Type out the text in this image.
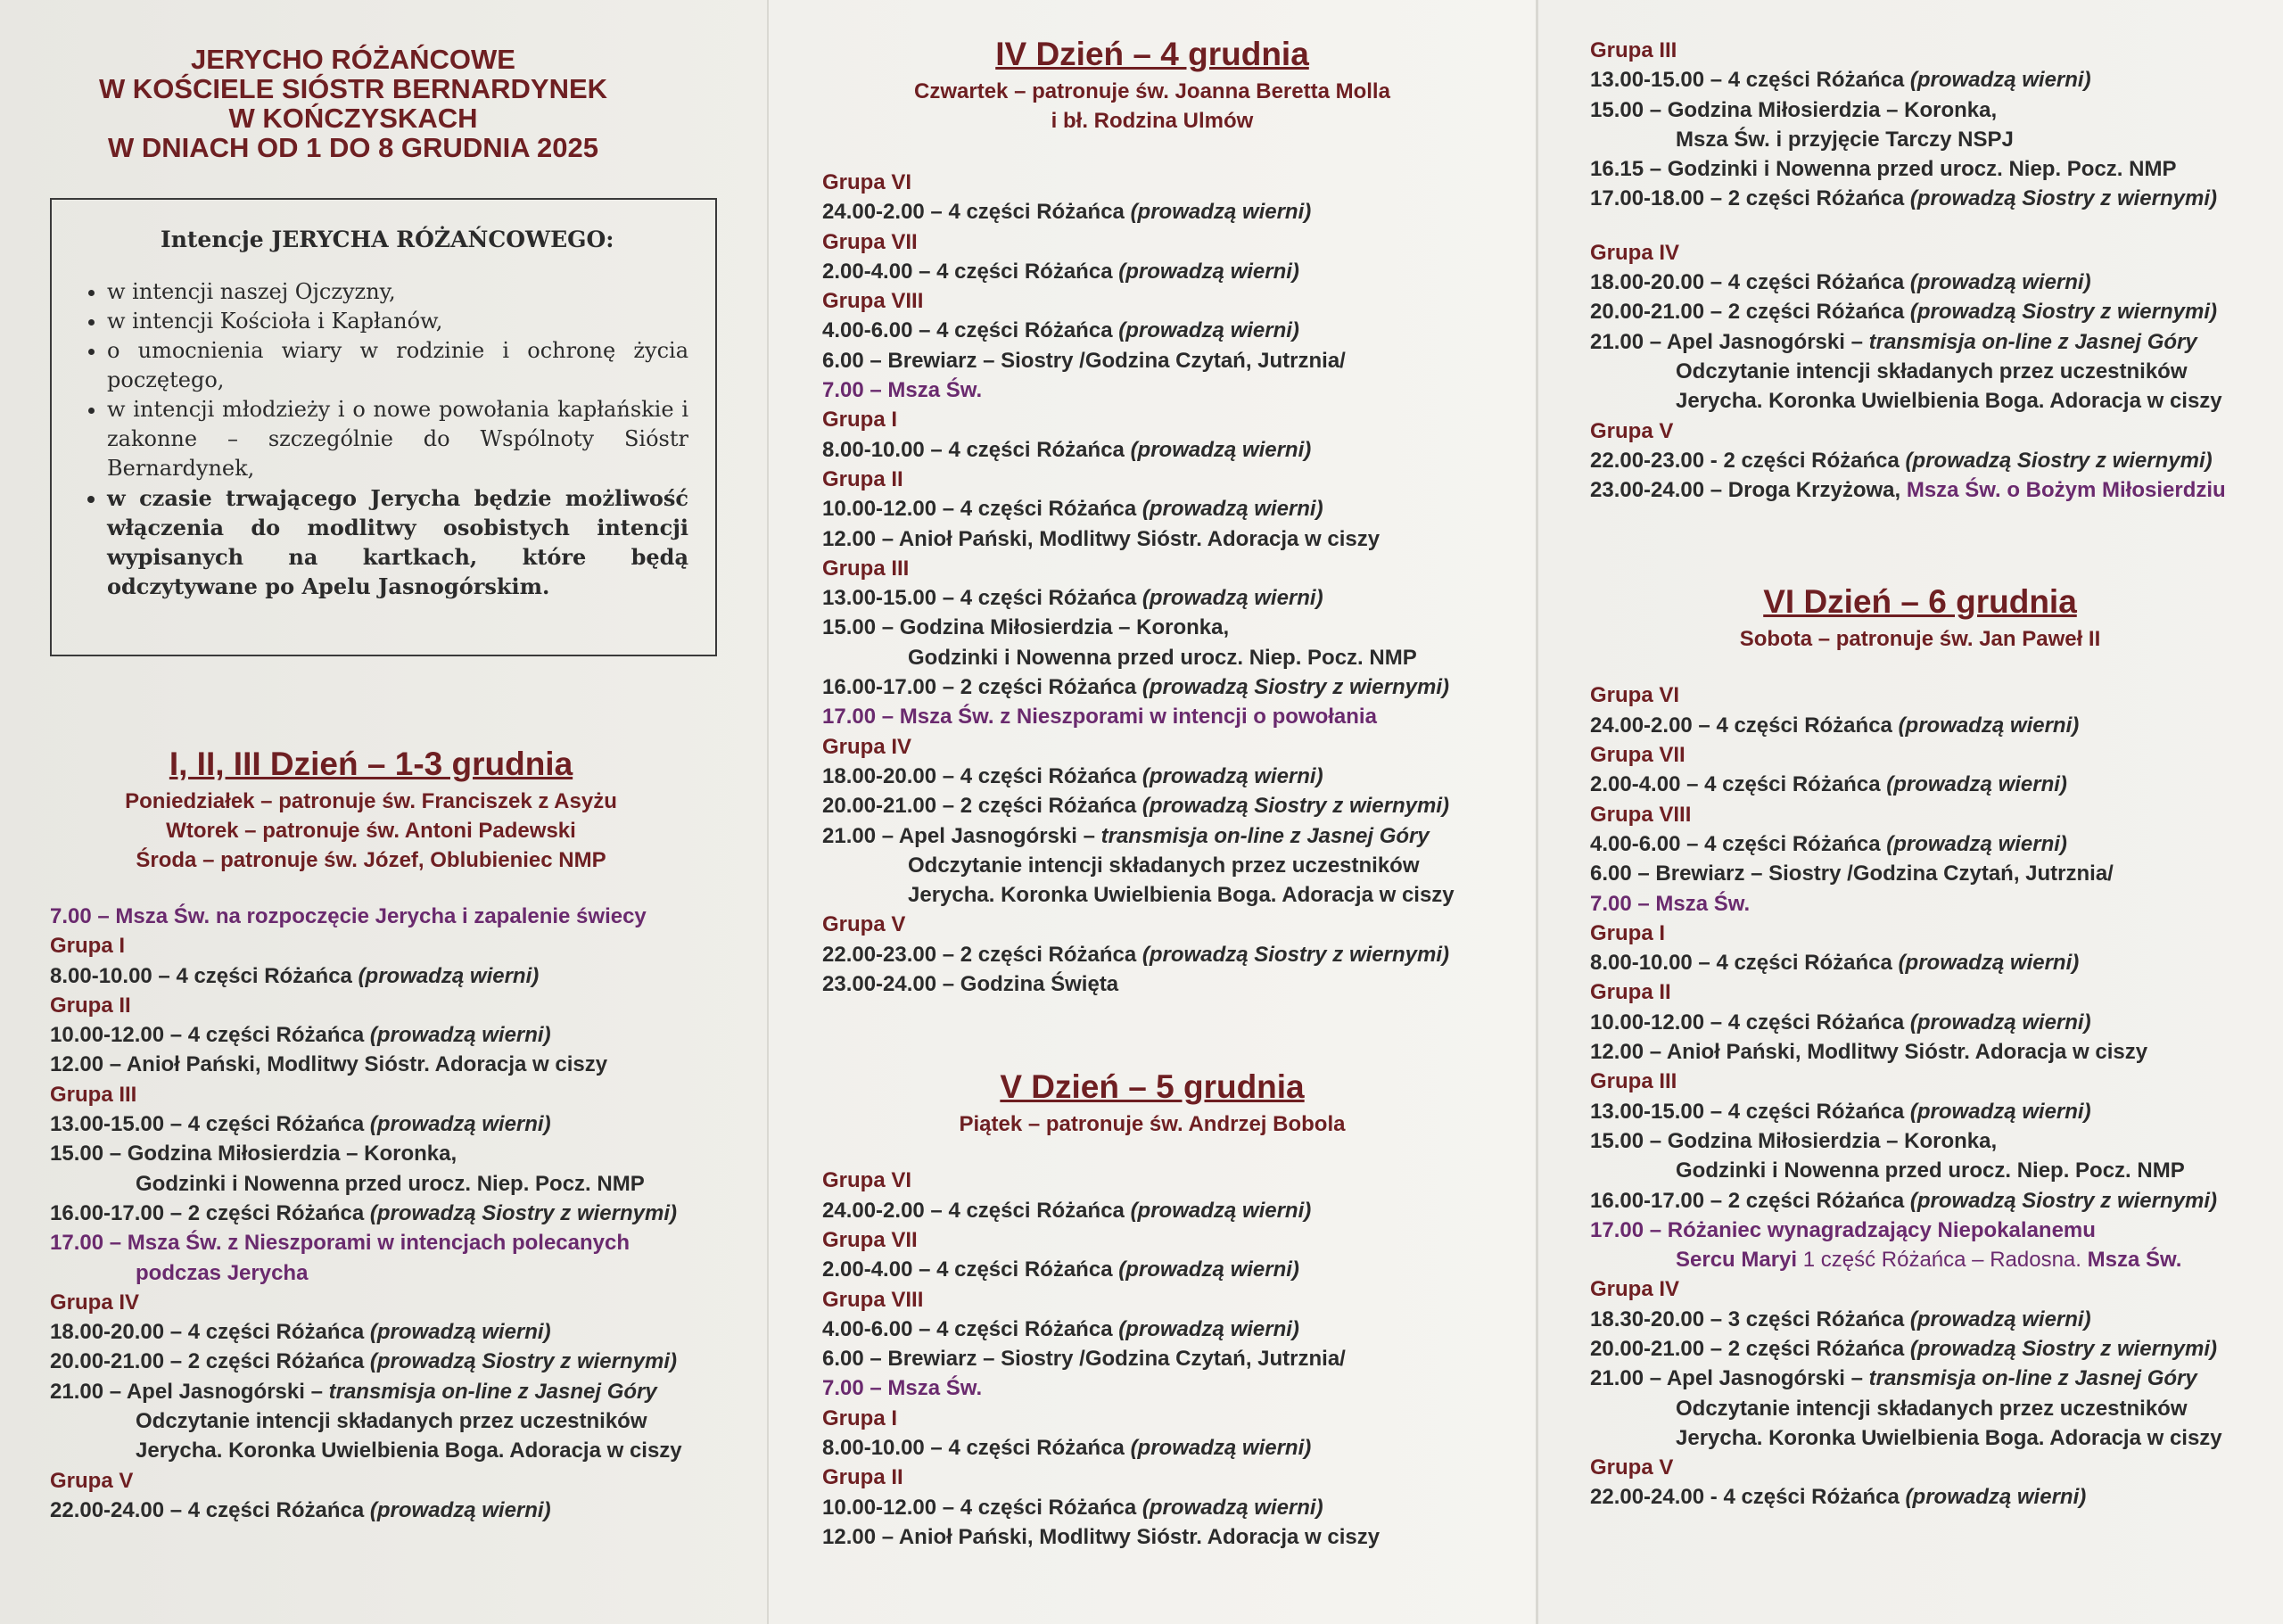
JERYCHO RÓŻAŃCOWE
W KOŚCIELE SIÓSTR BERNARDYNEK
W KOŃCZYSKACH
W DNIACH OD 1 DO 8 GRUDNIA 2025
Intencje JERYCHA RÓŻAŃCOWEGO:
• w intencji naszej Ojczyzny,
• w intencji Kościoła i Kapłanów,
• o umocnienia wiary w rodzinie i ochronę życia poczętego,
• w intencji młodzieży i o nowe powołania kapłańskie i zakonne – szczególnie do Wspólnoty Sióstr Bernardynek,
• w czasie trwającego Jerycha będzie możliwość włączenia do modlitwy osobistych intencji wypisanych na kartkach, które będą odczytywane po Apelu Jasnogórskim.
I, II, III Dzień – 1-3 grudnia
Poniedziałek – patronuje św. Franciszek z Asyżu
Wtorek – patronuje św. Antoni Padewski
Środa – patronuje św. Józef, Oblubieniec NMP
7.00 – Msza Św. na rozpoczęcie Jerycha i zapalenie świecy
Grupa I
8.00-10.00 – 4 części Różańca (prowadzą wierni)
Grupa II
10.00-12.00 – 4 części Różańca (prowadzą wierni)
12.00 – Anioł Pański, Modlitwy Sióstr. Adoracja w ciszy
Grupa III
13.00-15.00 – 4 części Różańca (prowadzą wierni)
15.00 – Godzina Miłosierdzia – Koronka,
Godzinki i Nowenna przed urocz. Niep. Pocz. NMP
16.00-17.00 – 2 części Różańca (prowadzą Siostry z wiernymi)
17.00 – Msza Św. z Nieszporami w intencjach polecanych
podczas Jerycha
Grupa IV
18.00-20.00 – 4 części Różańca (prowadzą wierni)
20.00-21.00 – 2 części Różańca (prowadzą Siostry z wiernymi)
21.00 – Apel Jasnogórski – transmisja on-line z Jasnej Góry
Odczytanie intencji składanych przez uczestników
Jerycha. Koronka Uwielbienia Boga. Adoracja w ciszy
Grupa V
22.00-24.00 – 4 części Różańca (prowadzą wierni)
IV Dzień – 4 grudnia
Czwartek – patronuje św. Joanna Beretta Molla
i bł. Rodzina Ulmów
Grupa VI
24.00-2.00 – 4 części Różańca (prowadzą wierni)
Grupa VII
2.00-4.00 – 4 części Różańca (prowadzą wierni)
Grupa VIII
4.00-6.00 – 4 części Różańca (prowadzą wierni)
6.00 – Brewiarz – Siostry /Godzina Czytań, Jutrznia/
7.00 – Msza Św.
Grupa I
8.00-10.00 – 4 części Różańca (prowadzą wierni)
Grupa II
10.00-12.00 – 4 części Różańca (prowadzą wierni)
12.00 – Anioł Pański, Modlitwy Sióstr. Adoracja w ciszy
Grupa III
13.00-15.00 – 4 części Różańca (prowadzą wierni)
15.00 – Godzina Miłosierdzia – Koronka,
Godzinki i Nowenna przed urocz. Niep. Pocz. NMP
16.00-17.00 – 2 części Różańca (prowadzą Siostry z wiernymi)
17.00 – Msza Św. z Nieszporami w intencji o powołania
Grupa IV
18.00-20.00 – 4 części Różańca (prowadzą wierni)
20.00-21.00 – 2 części Różańca (prowadzą Siostry z wiernymi)
21.00 – Apel Jasnogórski – transmisja on-line z Jasnej Góry
Odczytanie intencji składanych przez uczestników
Jerycha. Koronka Uwielbienia Boga. Adoracja w ciszy
Grupa V
22.00-23.00 – 2 części Różańca (prowadzą Siostry z wiernymi)
23.00-24.00 – Godzina Święta
V Dzień – 5 grudnia
Piątek – patronuje św. Andrzej Bobola
Grupa VI
24.00-2.00 – 4 części Różańca (prowadzą wierni)
Grupa VII
2.00-4.00 – 4 części Różańca (prowadzą wierni)
Grupa VIII
4.00-6.00 – 4 części Różańca (prowadzą wierni)
6.00 – Brewiarz – Siostry /Godzina Czytań, Jutrznia/
7.00 – Msza Św.
Grupa I
8.00-10.00 – 4 części Różańca (prowadzą wierni)
Grupa II
10.00-12.00 – 4 części Różańca (prowadzą wierni)
12.00 – Anioł Pański, Modlitwy Sióstr. Adoracja w ciszy
Grupa III
13.00-15.00 – 4 części Różańca (prowadzą wierni)
15.00 – Godzina Miłosierdzia – Koronka,
Msza Św. i przyjęcie Tarczy NSPJ
16.15 – Godzinki i Nowenna przed urocz. Niep. Pocz. NMP
17.00-18.00 – 2 części Różańca (prowadzą Siostry z wiernymi)
Grupa IV
18.00-20.00 – 4 części Różańca (prowadzą wierni)
20.00-21.00 – 2 części Różańca (prowadzą Siostry z wiernymi)
21.00 – Apel Jasnogórski – transmisja on-line z Jasnej Góry
Odczytanie intencji składanych przez uczestników
Jerycha. Koronka Uwielbienia Boga. Adoracja w ciszy
Grupa V
22.00-23.00 - 2 części Różańca (prowadzą Siostry z wiernymi)
23.00-24.00 – Droga Krzyżowa, Msza Św. o Bożym Miłosierdziu
VI Dzień – 6 grudnia
Sobota – patronuje św. Jan Paweł II
Grupa VI
24.00-2.00 – 4 części Różańca (prowadzą wierni)
Grupa VII
2.00-4.00 – 4 części Różańca (prowadzą wierni)
Grupa VIII
4.00-6.00 – 4 części Różańca (prowadzą wierni)
6.00 – Brewiarz – Siostry /Godzina Czytań, Jutrznia/
7.00 – Msza Św.
Grupa I
8.00-10.00 – 4 części Różańca (prowadzą wierni)
Grupa II
10.00-12.00 – 4 części Różańca (prowadzą wierni)
12.00 – Anioł Pański, Modlitwy Sióstr. Adoracja w ciszy
Grupa III
13.00-15.00 – 4 części Różańca (prowadzą wierni)
15.00 – Godzina Miłosierdzia – Koronka,
Godzinki i Nowenna przed urocz. Niep. Pocz. NMP
16.00-17.00 – 2 części Różańca (prowadzą Siostry z wiernymi)
17.00 – Różaniec wynagradzający Niepokalanemu
Sercu Maryi 1 część Różańca – Radosna. Msza Św.
Grupa IV
18.30-20.00 – 3 części Różańca (prowadzą wierni)
20.00-21.00 – 2 części Różańca (prowadzą Siostry z wiernymi)
21.00 – Apel Jasnogórski – transmisja on-line z Jasnej Góry
Odczytanie intencji składanych przez uczestników
Jerycha. Koronka Uwielbienia Boga. Adoracja w ciszy
Grupa V
22.00-24.00 - 4 części Różańca (prowadzą wierni)
